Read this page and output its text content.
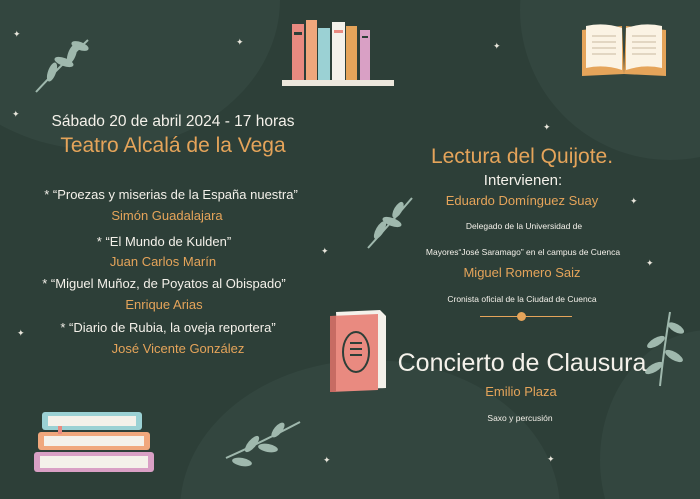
✦
✦	✦
✦
✦
✦
✦
✦
✦
✦	✦
Sábado 20 de abril 2024 - 17 horas
Teatro Alcalá de la Vega
* “Proezas y miserias de la España nuestra”
Simón Guadalajara
* “El Mundo de Kulden”
Juan Carlos Marín
* “Miguel Muñoz, de Poyatos al Obispado”
Enrique Arias
* “Diario de Rubia, la oveja reportera”
José Vicente González
Lectura del Quijote.
Intervienen:
Eduardo Domínguez Suay
Delegado de la Universidad de
Mayores“José Saramago” en el campus de Cuenca
Miguel Romero Saiz
Cronista oficial de la Ciudad de Cuenca
Concierto de Clausura
Emilio Plaza
Saxo y percusión
